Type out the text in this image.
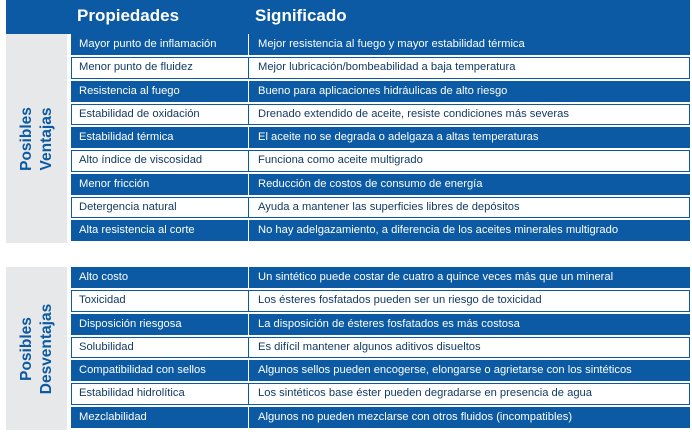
Propiedades	Significado
Posibles Ventajas
Mayor punto de inflamación	Mejor resistencia al fuego y mayor estabilidad térmica
Menor punto de fluidez	Mejor lubricación/bombeabilidad a baja temperatura
Resistencia al fuego	Bueno para aplicaciones hidráulicas de alto riesgo
Estabilidad de oxidación	Drenado extendido de aceite, resiste condiciones más severas
Estabilidad térmica	El aceite no se degrada o adelgaza a altas temperaturas
Alto índice de viscosidad	Funciona como aceite multigrado
Menor fricción	Reducción de costos de consumo de energía
Detergencia natural	Ayuda a mantener las superficies libres de depósitos
Alta resistencia al corte	No hay adelgazamiento, a diferencia de los aceites minerales multigrado
Posibles Desventajas
Alto costo	Un sintético puede costar de cuatro a quince veces más que un mineral
Toxicidad	Los ésteres fosfatados pueden ser un riesgo de toxicidad
Disposición riesgosa	La disposición de ésteres fosfatados es más costosa
Solubilidad	Es difícil mantener algunos aditivos disueltos
Compatibilidad con sellos	Algunos sellos pueden encogerse, elongarse o agrietarse con los sintéticos
Estabilidad hidrolítica	Los sintéticos base éster pueden degradarse en presencia de agua
Mezclabilidad	Algunos no pueden mezclarse con otros fluidos (incompatibles)
